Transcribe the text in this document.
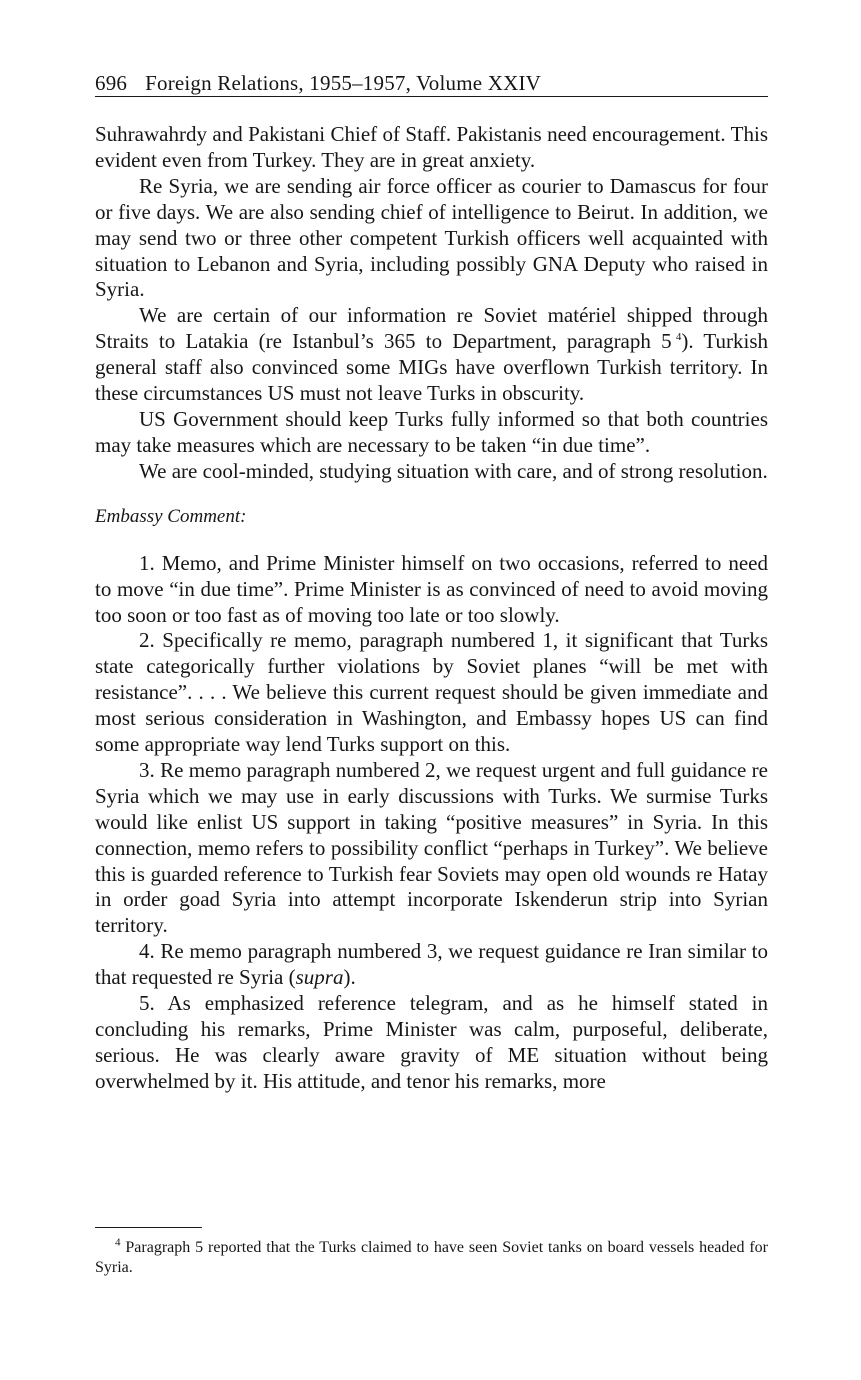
696 Foreign Relations, 1955–1957, Volume XXIV

Suhrawahrdy and Pakistani Chief of Staff. Pakistanis need encouragement. This evident even from Turkey. They are in great anxiety.

Re Syria, we are sending air force officer as courier to Damascus for four or five days. We are also sending chief of intelligence to Beirut. In addition, we may send two or three other competent Turkish officers well acquainted with situation to Lebanon and Syria, including possibly GNA Deputy who raised in Syria.

We are certain of our information re Soviet matériel shipped through Straits to Latakia (re Istanbul’s 365 to Department, paragraph 5  $^4$). Turkish general staff also convinced some MIGs have overflown Turkish territory. In these circumstances US must not leave Turks in obscurity.

US Government should keep Turks fully informed so that both countries may take measures which are necessary to be taken “in due time”.

We are cool-minded, studying situation with care, and of strong resolution.

Embassy Comment:

1. Memo, and Prime Minister himself on two occasions, referred to need to move “in due time”. Prime Minister is as convinced of need to avoid moving too soon or too fast as of moving too late or too slowly.

2. Specifically re memo, paragraph numbered 1, it significant that Turks state categorically further violations by Soviet planes “will be met with resistance”. . . . We believe this current request should be given immediate and most serious consideration in Washington, and Embassy hopes US can find some appropriate way lend Turks support on this.

3. Re memo paragraph numbered 2, we request urgent and full guidance re Syria which we may use in early discussions with Turks. We surmise Turks would like enlist US support in taking “positive measures” in Syria. In this connection, memo refers to possibility conflict “perhaps in Turkey”. We believe this is guarded reference to Turkish fear Soviets may open old wounds re Hatay in order goad Syria into attempt incorporate Iskenderun strip into Syrian territory.

4. Re memo paragraph numbered 3, we request guidance re Iran similar to that requested re Syria (supra).

5. As emphasized reference telegram, and as he himself stated in concluding his remarks, Prime Minister was calm, purposeful, deliberate, serious. He was clearly aware gravity of ME situation without being overwhelmed by it. His attitude, and tenor his remarks, more

$^4$ Paragraph 5 reported that the Turks claimed to have seen Soviet tanks on board vessels headed for Syria.
